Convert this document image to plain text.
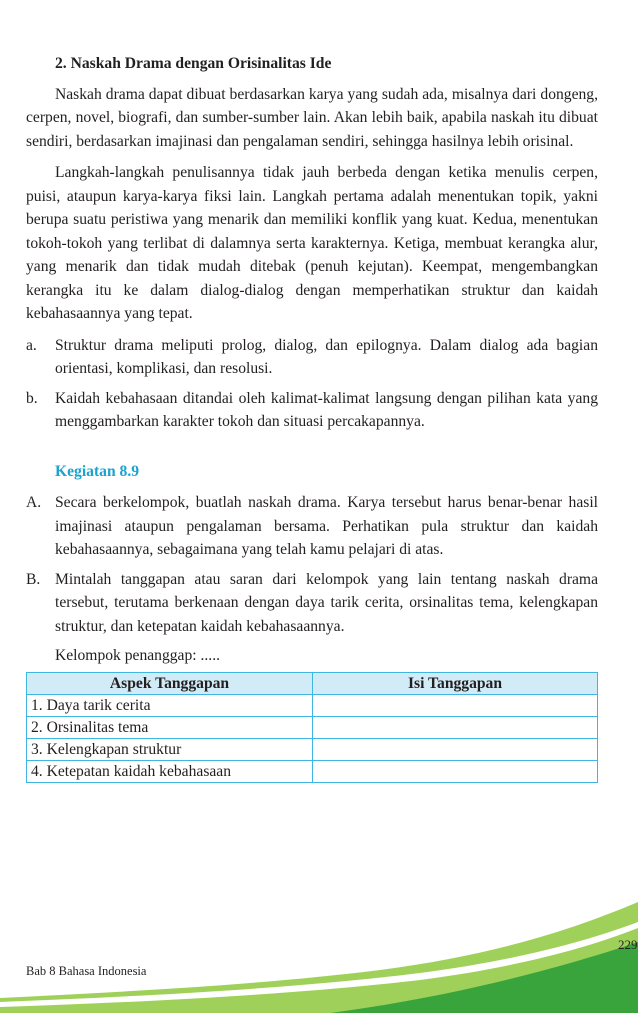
2. Naskah Drama dengan Orisinalitas Ide

Naskah drama dapat dibuat berdasarkan karya yang sudah ada, misalnya dari dongeng, cerpen, novel, biografi, dan sumber-sumber lain. Akan lebih baik, apabila naskah itu dibuat sendiri, berdasarkan imajinasi dan pengalaman sendiri, sehingga hasilnya lebih orisinal.

Langkah-langkah penulisannya tidak jauh berbeda dengan ketika menulis cerpen, puisi, ataupun karya-karya fiksi lain. Langkah pertama adalah menentukan topik, yakni berupa suatu peristiwa yang menarik dan memiliki konflik yang kuat. Kedua, menentukan tokoh-tokoh yang terlibat di dalamnya serta karakternya. Ketiga, membuat kerangka alur, yang menarik dan tidak mudah ditebak (penuh kejutan). Keempat, mengembangkan kerangka itu ke dalam dialog-dialog dengan memperhatikan struktur dan kaidah kebahasaannya yang tepat.

a.	Struktur drama meliputi prolog, dialog, dan epilognya. Dalam dialog ada bagian orientasi, komplikasi, dan resolusi.
b.	Kaidah kebahasaan ditandai oleh kalimat-kalimat langsung dengan pilihan kata yang menggambarkan karakter tokoh dan situasi percakapannya.
Kegiatan 8.9
A. Secara berkelompok, buatlah naskah drama. Karya tersebut harus benar-benar hasil imajinasi ataupun pengalaman bersama. Perhatikan pula struktur dan kaidah kebahasaannya, sebagaimana yang telah kamu pelajari di atas.
B. Mintalah tanggapan atau saran dari kelompok yang lain tentang naskah drama tersebut, terutama berkenaan dengan daya tarik cerita, orsinalitas tema, kelengkapan struktur, dan ketepatan kaidah kebahasaannya.
Kelompok penanggap: .....
Aspek Tanggapan	Isi Tanggapan
1. Daya tarik cerita	
2. Orsinalitas tema	
3. Kelengkapan struktur	
4. Ketepatan kaidah kebahasaan	
Bab 8 Bahasa Indonesia
229
